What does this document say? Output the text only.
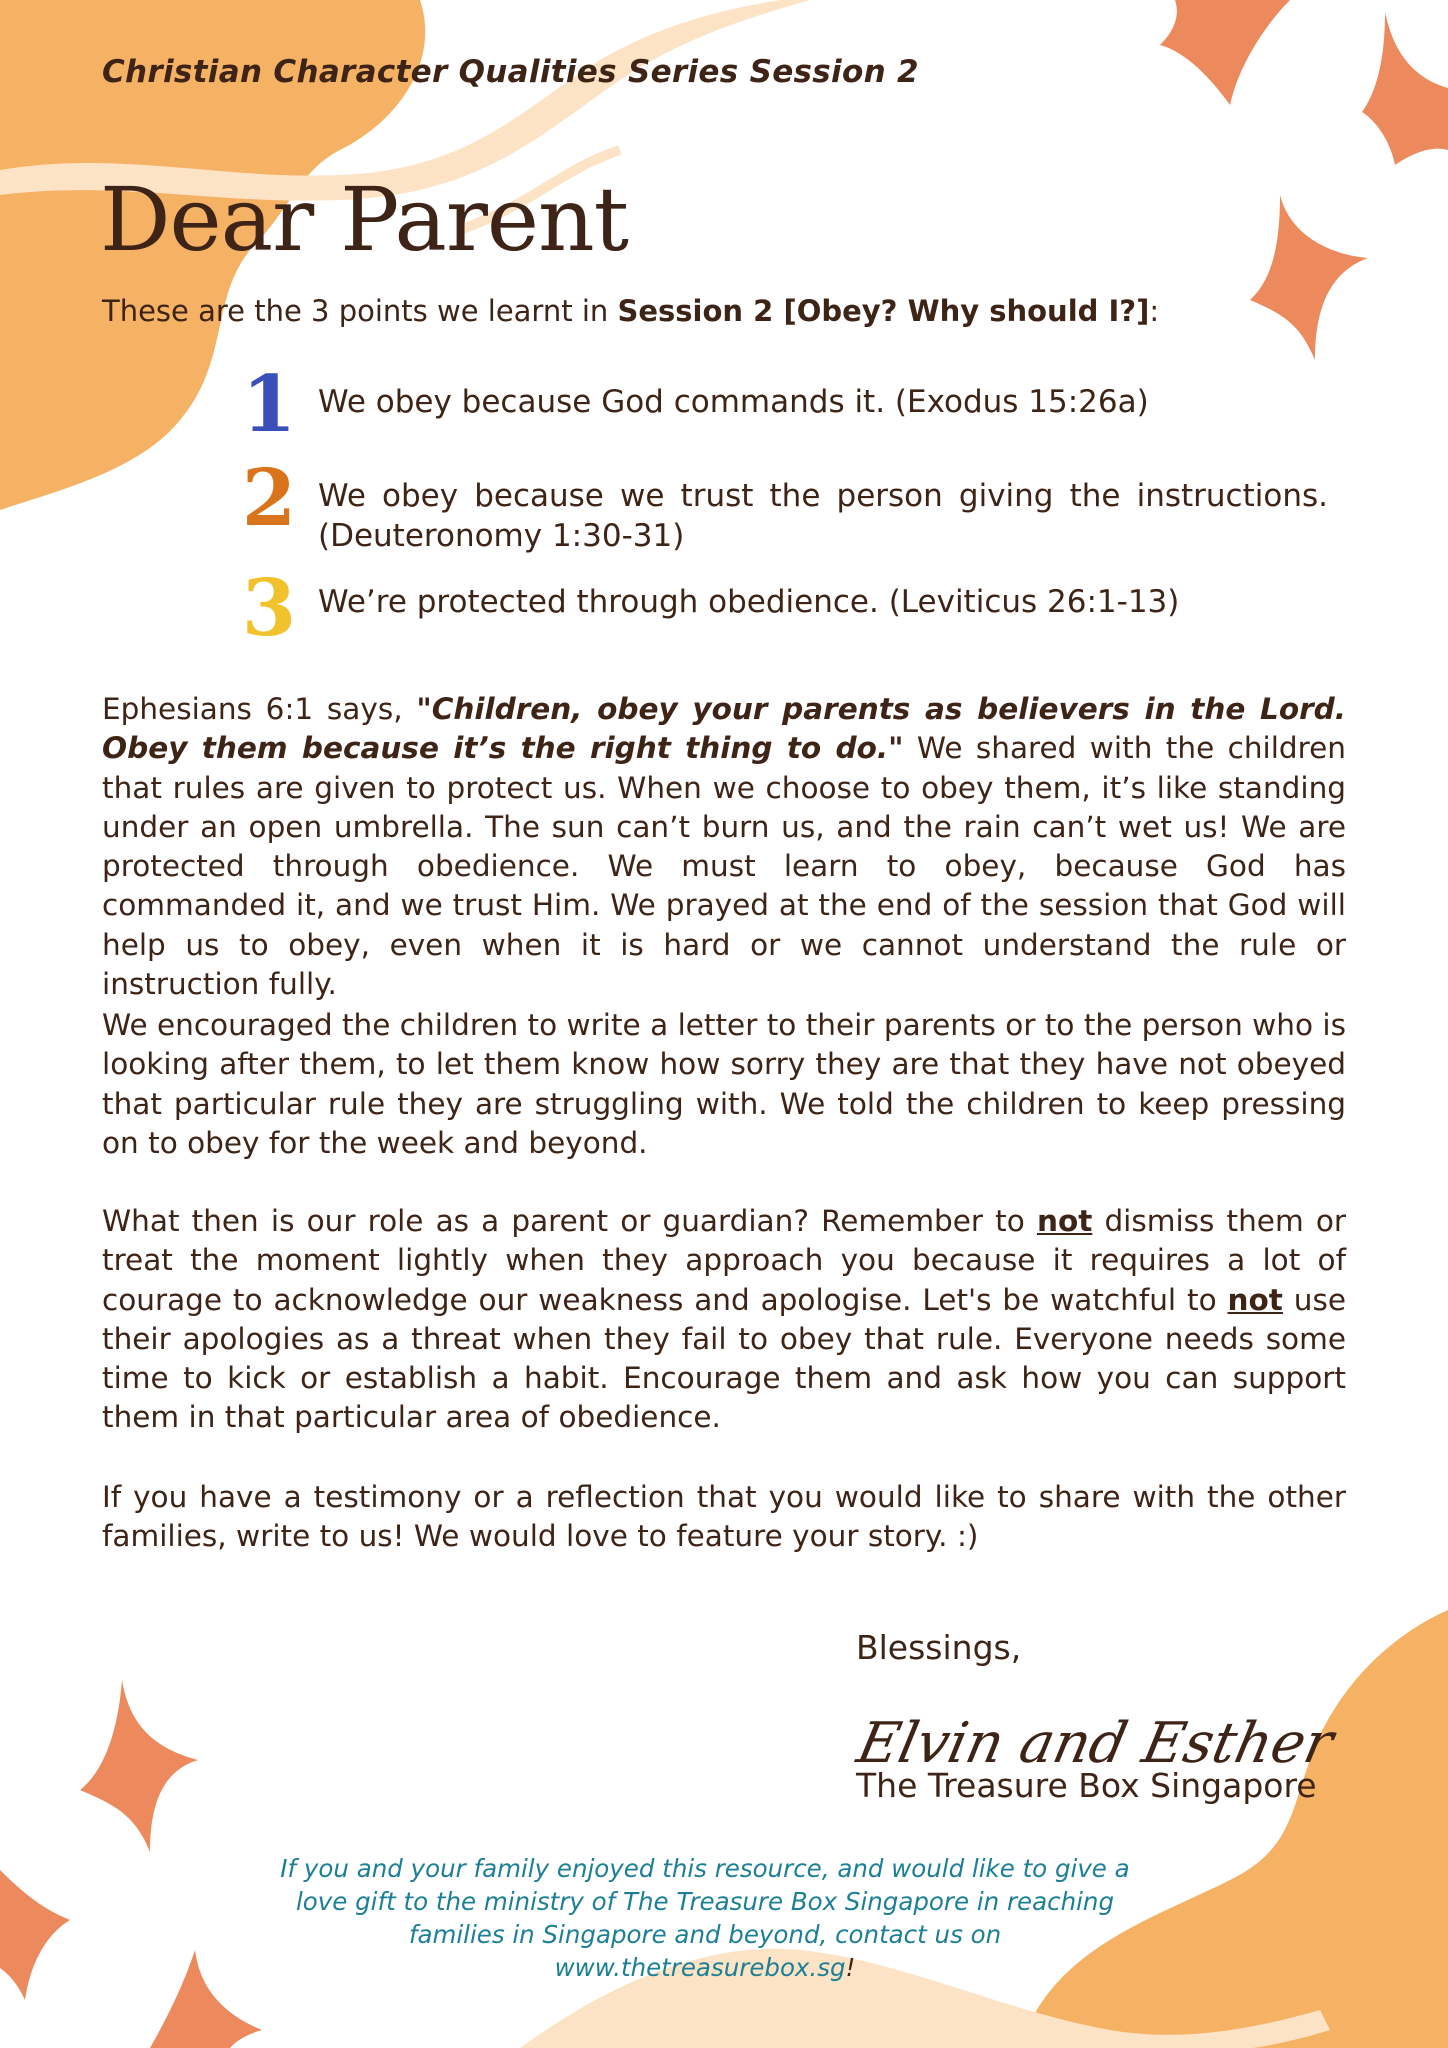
Christian Character Qualities Series Session 2

Dear Parent

These are the 3 points we learnt in Session 2 [Obey? Why should I?]:

1 We obey because God commands it. (Exodus 15:26a)
2 We obey because we trust the person giving the instructions. (Deuteronomy 1:30-31)
3 We’re protected through obedience. (Leviticus 26:1-13)

Ephesians 6:1 says, "Children, obey your parents as believers in the Lord. Obey them because it’s the right thing to do." We shared with the children that rules are given to protect us. When we choose to obey them, it’s like standing under an open umbrella. The sun can’t burn us, and the rain can’t wet us! We are protected through obedience. We must learn to obey, because God has commanded it, and we trust Him. We prayed at the end of the session that God will help us to obey, even when it is hard or we cannot understand the rule or instruction fully.

We encouraged the children to write a letter to their parents or to the person who is looking after them, to let them know how sorry they are that they have not obeyed that particular rule they are struggling with. We told the children to keep pressing on to obey for the week and beyond.

What then is our role as a parent or guardian? Remember to not dismiss them or treat the moment lightly when they approach you because it requires a lot of courage to acknowledge our weakness and apologise. Let's be watchful to not use their apologies as a threat when they fail to obey that rule. Everyone needs some time to kick or establish a habit. Encourage them and ask how you can support them in that particular area of obedience.

If you have a testimony or a reflection that you would like to share with the other families, write to us! We would love to feature your story. :)

Blessings,

Elvin and Esther

The Treasure Box Singapore

If you and your family enjoyed this resource, and would like to give a love gift to the ministry of The Treasure Box Singapore in reaching families in Singapore and beyond, contact us on www.thetreasurebox.sg!
